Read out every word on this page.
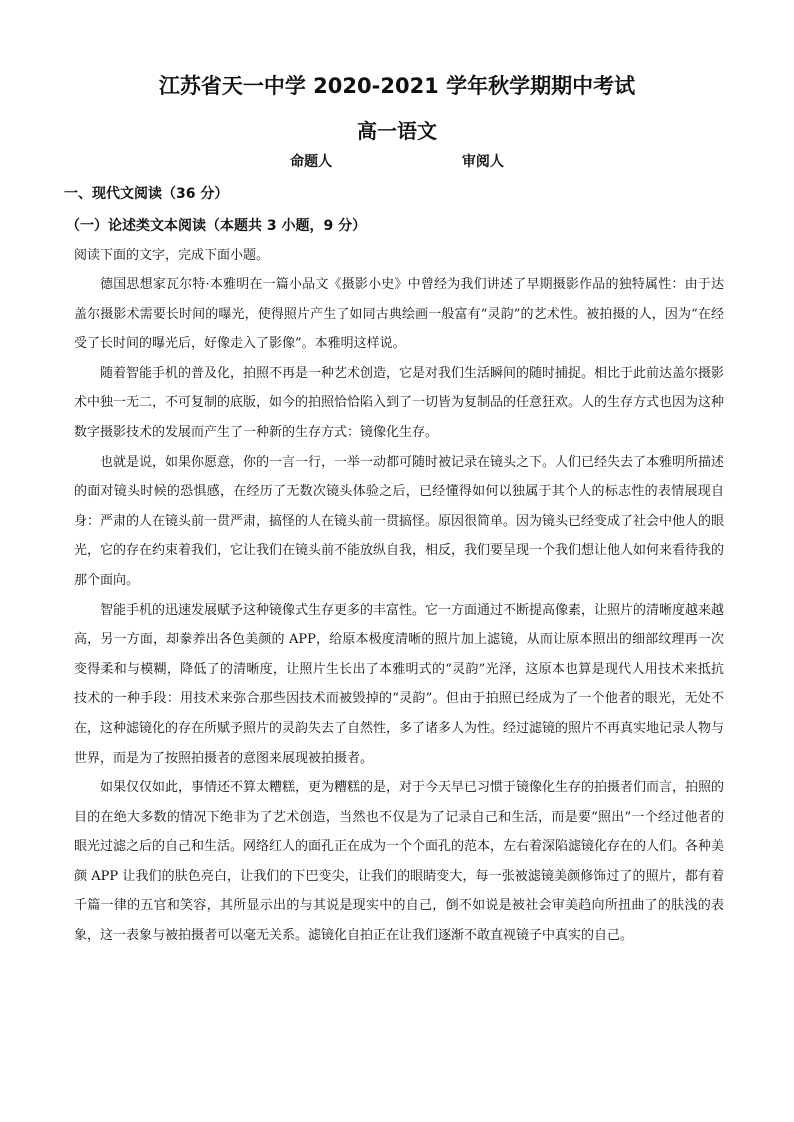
江苏省天一中学 2020-2021 学年秋学期期中考试
高一语文
命题人	审阅人
一、现代文阅读（36 分）
（一）论述类文本阅读（本题共 3 小题，9 分）
阅读下面的文字，完成下面小题。

德国思想家瓦尔特·本雅明在一篇小品文《摄影小史》中曾经为我们讲述了早期摄影作品的独特属性：由于达盖尔摄影术需要长时间的曝光，使得照片产生了如同古典绘画一般富有“灵韵”的艺术性。被拍摄的人，因为“在经受了长时间的曝光后，好像走入了影像”。本雅明这样说。

随着智能手机的普及化，拍照不再是一种艺术创造，它是对我们生活瞬间的随时捕捉。相比于此前达盖尔摄影术中独一无二，不可复制的底版，如今的拍照恰恰陷入到了一切皆为复制品的任意狂欢。人的生存方式也因为这种数字摄影技术的发展而产生了一种新的生存方式：镜像化生存。

也就是说，如果你愿意，你的一言一行，一举一动都可随时被记录在镜头之下。人们已经失去了本雅明所描述的面对镜头时候的恐惧感，在经历了无数次镜头体验之后，已经懂得如何以独属于其个人的标志性的表情展现自身：严肃的人在镜头前一贯严肃，搞怪的人在镜头前一贯搞怪。原因很简单。因为镜头已经变成了社会中他人的眼光，它的存在约束着我们，它让我们在镜头前不能放纵自我，相反，我们要呈现一个我们想让他人如何来看待我的那个面向。

智能手机的迅速发展赋予这种镜像式生存更多的丰富性。它一方面通过不断提高像素，让照片的清晰度越来越高，另一方面，却豢养出各色美颜的 APP，给原本极度清晰的照片加上滤镜，从而让原本照出的细部纹理再一次变得柔和与模糊，降低了的清晰度，让照片生长出了本雅明式的“灵韵”光泽，这原本也算是现代人用技术来抵抗技术的一种手段：用技术来弥合那些因技术而被毁掉的“灵韵”。但由于拍照已经成为了一个他者的眼光，无处不在，这种滤镜化的存在所赋予照片的灵韵失去了自然性，多了诸多人为性。经过滤镜的照片不再真实地记录人物与世界，而是为了按照拍摄者的意图来展现被拍摄者。

如果仅仅如此，事情还不算太糟糕，更为糟糕的是，对于今天早已习惯于镜像化生存的拍摄者们而言，拍照的目的在绝大多数的情况下绝非为了艺术创造，当然也不仅是为了记录自己和生活，而是要“照出”一个经过他者的眼光过滤之后的自己和生活。网络红人的面孔正在成为一个个面孔的范本，左右着深陷滤镜化存在的人们。各种美颜 APP 让我们的肤色亮白，让我们的下巴变尖，让我们的眼睛变大，每一张被滤镜美颜修饰过了的照片，都有着千篇一律的五官和笑容，其所显示出的与其说是现实中的自己，倒不如说是被社会审美趋向所扭曲了的肤浅的表象，这一表象与被拍摄者可以毫无关系。滤镜化自拍正在让我们逐渐不敢直视镜子中真实的自己。
